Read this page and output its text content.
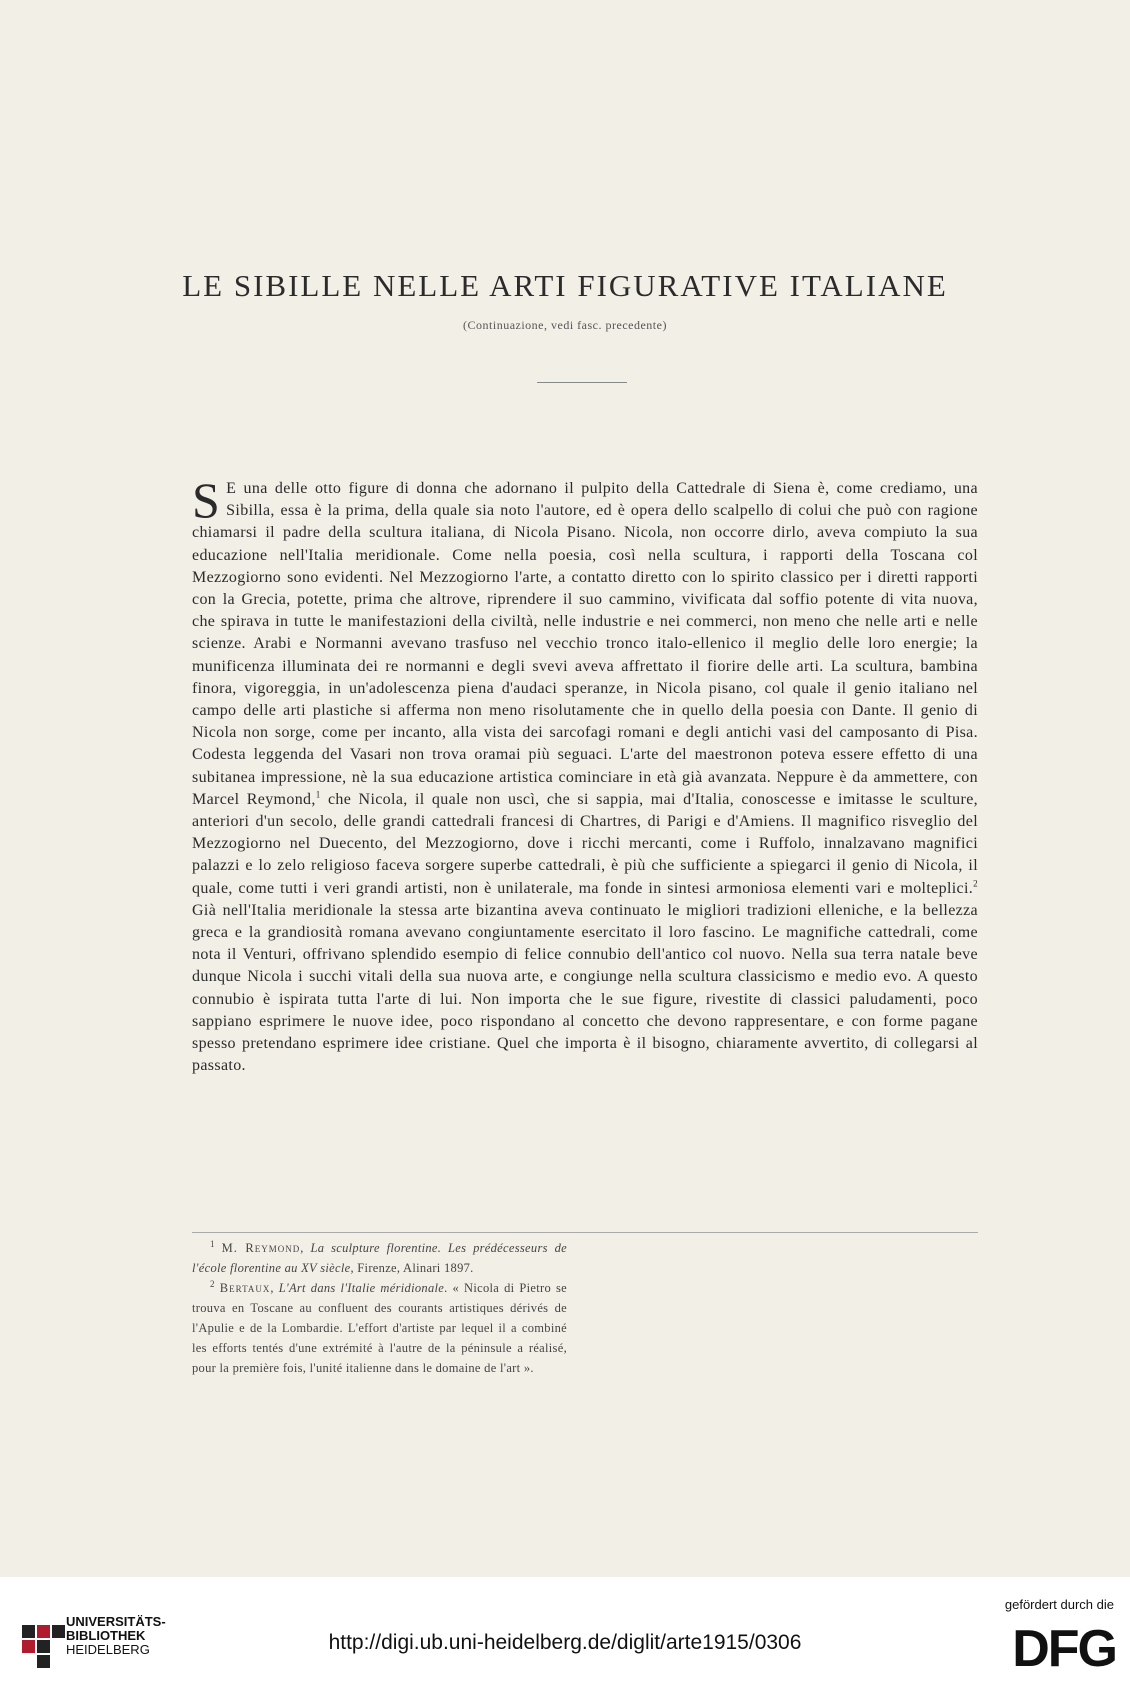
LE SIBILLE NELLE ARTI FIGURATIVE ITALIANE
(Continuazione, vedi fasc. precedente)

S E una delle otto figure di donna che adornano il pulpito della Cattedrale di Siena è, come crediamo, una Sibilla, essa è la prima, della quale sia noto l'autore, ed è opera dello scalpello di colui che può con ragione chiamarsi il padre della scultura italiana, di Nicola Pisano. Nicola, non occorre dirlo, aveva compiuto la sua educazione nell'Italia meridionale. Come nella poesia, così nella scultura, i rapporti della Toscana col Mezzogiorno sono evidenti. Nel Mezzogiorno l'arte, a contatto diretto con lo spirito classico per i diretti rapporti con la Grecia, potette, prima che altrove, riprendere il suo cammino, vivificata dal soffio potente di vita nuova, che spirava in tutte le manifestazioni della civiltà, nelle industrie e nei commerci, non meno che nelle arti e nelle scienze. Arabi e Normanni avevano trasfuso nel vecchio tronco italo-ellenico il meglio delle loro energie; la munificenza illuminata dei re normanni e degli svevi aveva affrettato il fiorire delle arti. La scultura, bambina finora, vigoreggia, in un'adolescenza piena d'audaci speranze, in Nicola pisano, col quale il genio italiano nel campo delle arti plastiche si afferma non meno risolutamente che in quello della poesia con Dante. Il genio di Nicola non sorge, come per incanto, alla vista dei sarcofagi romani e degli antichi vasi del camposanto di Pisa. Codesta leggenda del Vasari non trova oramai più seguaci. L'arte del maestronon poteva essere effetto di una subitanea impressione, nè la sua educazione artistica cominciare in età già avanzata. Neppure è da ammettere, con Marcel Reymond,$^1$ che Nicola, il quale non uscì, che si sappia, mai d'Italia, conoscesse e imitasse le sculture, anteriori d'un secolo, delle grandi cattedrali francesi di Chartres, di Parigi e d'Amiens. Il magnifico risveglio del Mezzogiorno nel Duecento, del Mezzogiorno, dove i ricchi mercanti, come i Ruffolo, innalzavano magnifici palazzi e lo zelo religioso faceva sorgere superbe cattedrali, è più che sufficiente a spiegarci il genio di Nicola, il quale, come tutti i veri grandi artisti, non è unilaterale, ma fonde in sintesi armoniosa elementi vari e molteplici.$^2$ Già nell'Italia meridionale la stessa arte bizantina aveva continuato le migliori tradizioni elleniche, e la bellezza greca e la grandiosità romana avevano congiuntamente esercitato il loro fascino. Le magnifiche cattedrali, come nota il Venturi, offrivano splendido esempio di felice connubio dell'antico col nuovo. Nella sua terra natale beve dunque Nicola i succhi vitali della sua nuova arte, e congiunge nella scultura classicismo e medio evo. A questo connubio è ispirata tutta l'arte di lui. Non importa che le sue figure, rivestite di classici paludamenti, poco sappiano esprimere le nuove idee, poco rispondano al concetto che devono rappresentare, e con forme pagane spesso pretendano esprimere idee cristiane. Quel che importa è il bisogno, chiaramente avvertito, di collegarsi al passato.

$^1$ M. Reymond, La sculpture florentine. Les prédécesseurs de l'école florentine au XV siècle, Firenze, Alinari 1897.

$^2$ Bertaux, L'Art dans l'Italie méridionale. « Nicola di Pietro se trouva en Toscane au confluent des courants artistiques dérivés de l'Apulie e de la Lombardie. L'effort d'artiste par lequel il a combiné les efforts tentés d'une extrémité à l'autre de la péninsule a réalisé, pour la première fois, l'unité italienne dans le domaine de l'art ».

UNIVERSITÄTS-
BIBLIOTHEK
HEIDELBERG	http://digi.ub.uni-heidelberg.de/diglit/arte1915/0306
gefördert durch die
DFG
